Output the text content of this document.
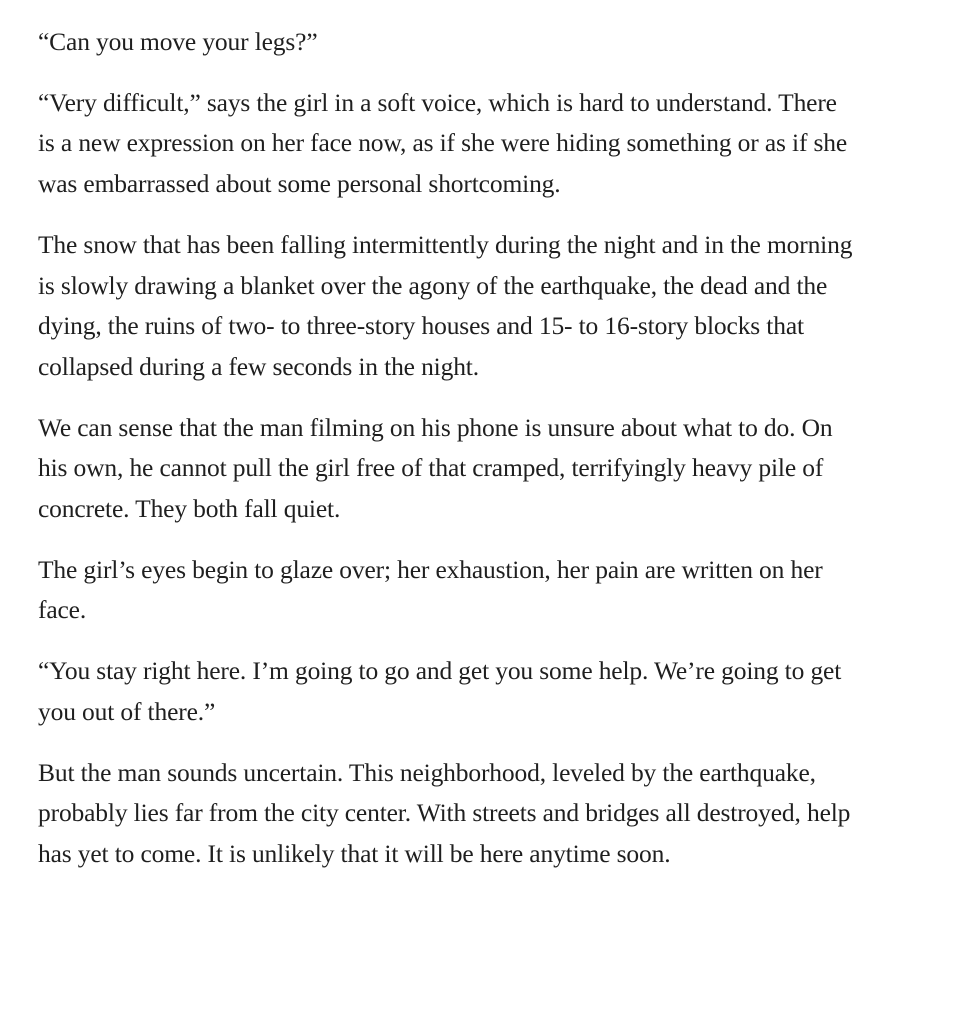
“Can you move your legs?”

“Very difficult,” says the girl in a soft voice, which is hard to understand. There is a new expression on her face now, as if she were hiding something or as if she was embarrassed about some personal shortcoming.

The snow that has been falling intermittently during the night and in the morning is slowly drawing a blanket over the agony of the earthquake, the dead and the dying, the ruins of two- to three-story houses and 15- to 16-story blocks that collapsed during a few seconds in the night.

We can sense that the man filming on his phone is unsure about what to do. On his own, he cannot pull the girl free of that cramped, terrifyingly heavy pile of concrete. They both fall quiet.

The girl’s eyes begin to glaze over; her exhaustion, her pain are written on her face.

“You stay right here. I’m going to go and get you some help. We’re going to get you out of there.”

But the man sounds uncertain. This neighborhood, leveled by the earthquake, probably lies far from the city center. With streets and bridges all destroyed, help has yet to come. It is unlikely that it will be here anytime soon.
